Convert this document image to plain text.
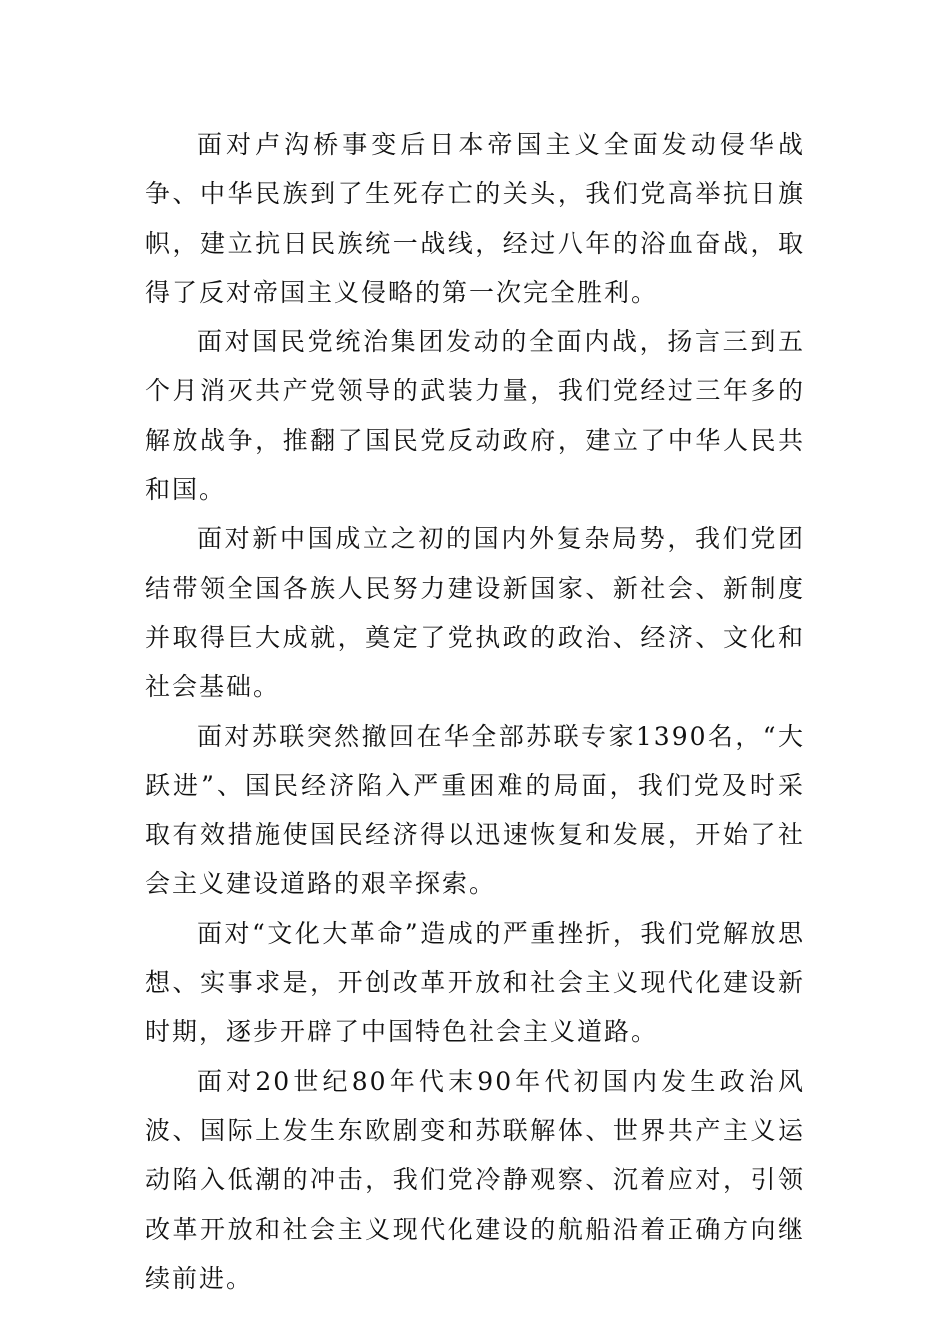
面对卢沟桥事变后日本帝国主义全面发动侵华战争、中华民族到了生死存亡的关头，我们党高举抗日旗帜，建立抗日民族统一战线，经过八年的浴血奋战，取得了反对帝国主义侵略的第一次完全胜利。

面对国民党统治集团发动的全面内战，扬言三到五个月消灭共产党领导的武装力量，我们党经过三年多的解放战争，推翻了国民党反动政府，建立了中华人民共和国。

面对新中国成立之初的国内外复杂局势，我们党团结带领全国各族人民努力建设新国家、新社会、新制度并取得巨大成就，奠定了党执政的政治、经济、文化和社会基础。

面对苏联突然撤回在华全部苏联专家1390名，“大跃进”、国民经济陷入严重困难的局面，我们党及时采取有效措施使国民经济得以迅速恢复和发展，开始了社会主义建设道路的艰辛探索。

面对“文化大革命”造成的严重挫折，我们党解放思想、实事求是，开创改革开放和社会主义现代化建设新时期，逐步开辟了中国特色社会主义道路。

面对20世纪80年代末90年代初国内发生政治风波、国际上发生东欧剧变和苏联解体、世界共产主义运动陷入低潮的冲击，我们党冷静观察、沉着应对，引领改革开放和社会主义现代化建设的航船沿着正确方向继续前进。
